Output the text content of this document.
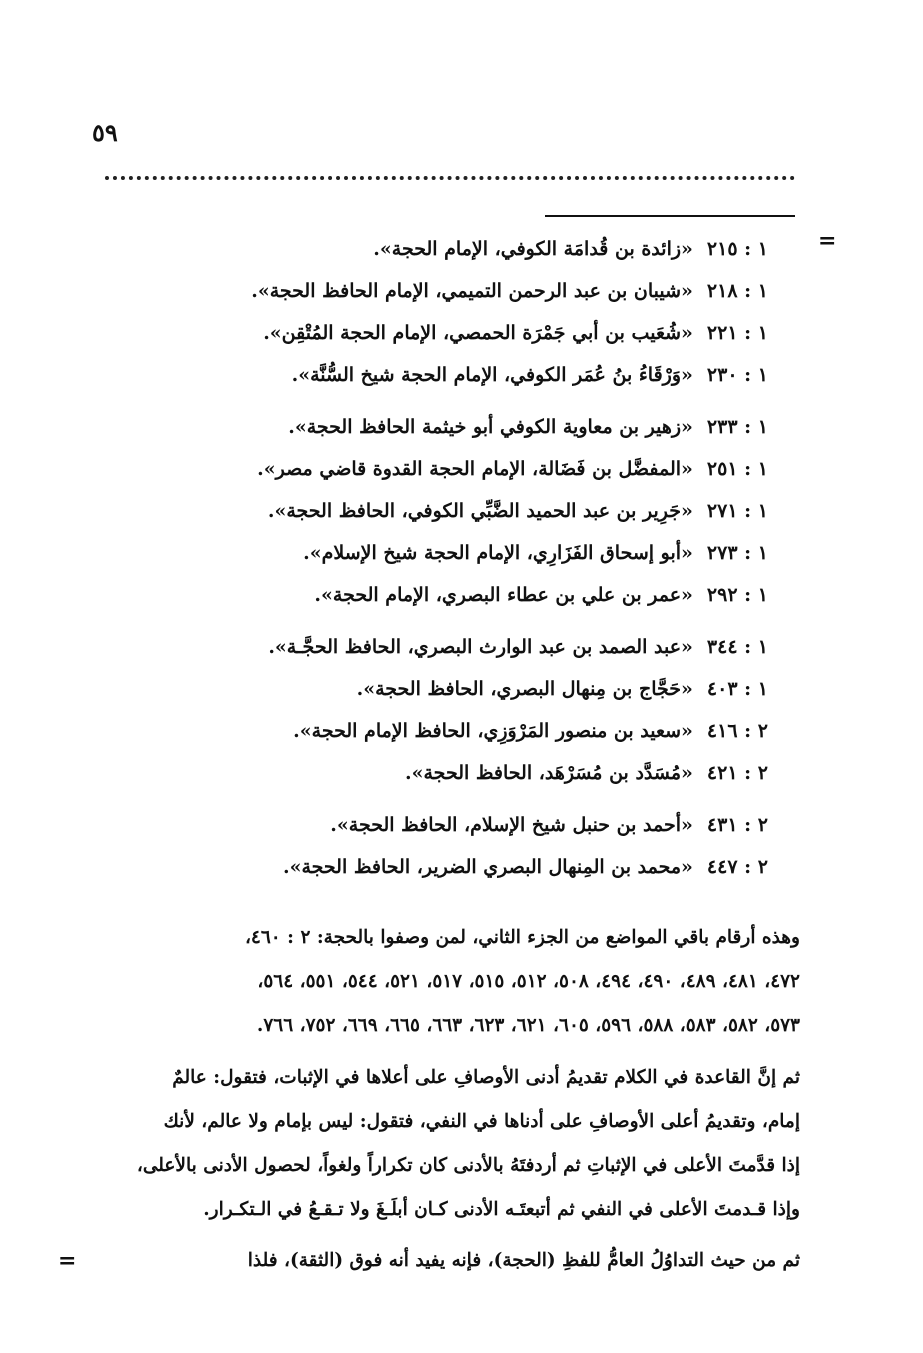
٥٩
=
١ : ٢١٥«زائدة بن قُدامَة الكوفي، الإمام الحجة».
١ : ٢١٨«شيبان بن عبد الرحمن التميمي، الإمام الحافظ الحجة».
١ : ٢٢١«شُعَيب بن أبي جَمْرَة الحمصي، الإمام الحجة المُتْقِن».
١ : ٢٣٠«وَرْقَاءُ بنُ عُمَر الكوفي، الإمام الحجة شيخ السُّنَّة».
١ : ٢٣٣«زهير بن معاوية الكوفي أبو خيثمة الحافظ الحجة».
١ : ٢٥١«المفضَّل بن فَضَالة، الإمام الحجة القدوة قاضي مصر».
١ : ٢٧١«جَرِير بن عبد الحميد الضَّبِّي الكوفي، الحافظ الحجة».
١ : ٢٧٣«أبو إسحاق الفَزَارِي، الإمام الحجة شيخ الإسلام».
١ : ٢٩٢«عمر بن علي بن عطاء البصري، الإمام الحجة».
١ : ٣٤٤«عبد الصمد بن عبد الوارث البصري، الحافظ الحجَّـة».
١ : ٤٠٣«حَجَّاج بن مِنهال البصري، الحافظ الحجة».
٢ : ٤١٦«سعيد بن منصور المَرْوَزِي، الحافظ الإمام الحجة».
٢ : ٤٢١«مُسَدَّد بن مُسَرْهَد، الحافظ الحجة».
٢ : ٤٣١«أحمد بن حنبل شيخ الإسلام، الحافظ الحجة».
٢ : ٤٤٧«محمد بن المِنهال البصري الضرير، الحافظ الحجة».
وهذه أرقام باقي المواضع من الجزء الثاني، لمن وصفوا بالحجة: ٢ : ٤٦٠،
٤٧٢، ٤٨١، ٤٨٩، ٤٩٠، ٤٩٤، ٥٠٨، ٥١٢، ٥١٥، ٥١٧، ٥٢١، ٥٤٤، ٥٥١، ٥٦٤،
٥٧٣، ٥٨٢، ٥٨٣، ٥٨٨، ٥٩٦، ٦٠٥، ٦٢١، ٦٢٣، ٦٦٣، ٦٦٥، ٦٦٩، ٧٥٢، ٧٦٦.
ثم إنَّ القاعدة في الكلام تقديمُ أدنى الأوصافِ على أعلاها في الإثبات، فتقول: عالمٌ
إمام، وتقديمُ أعلى الأوصافِ على أدناها في النفي، فتقول: ليس بإمام ولا عالم، لأنك
إذا قدَّمتَ الأعلى في الإثباتِ ثم أردفتَهُ بالأدنى كان تكراراً ولغواً، لحصول الأدنى بالأعلى،
وإذا قـدمتَ الأعلى في النفي ثم أتبعتَـه الأدنى كـان أبلَـغَ ولا تـقـعُ في الـتكـرار.
ثم من حيث التداوُلُ العامُّ للفظِ (الحجة)، فإنه يفيد أنه فوق (الثقة)، فلذا
=
